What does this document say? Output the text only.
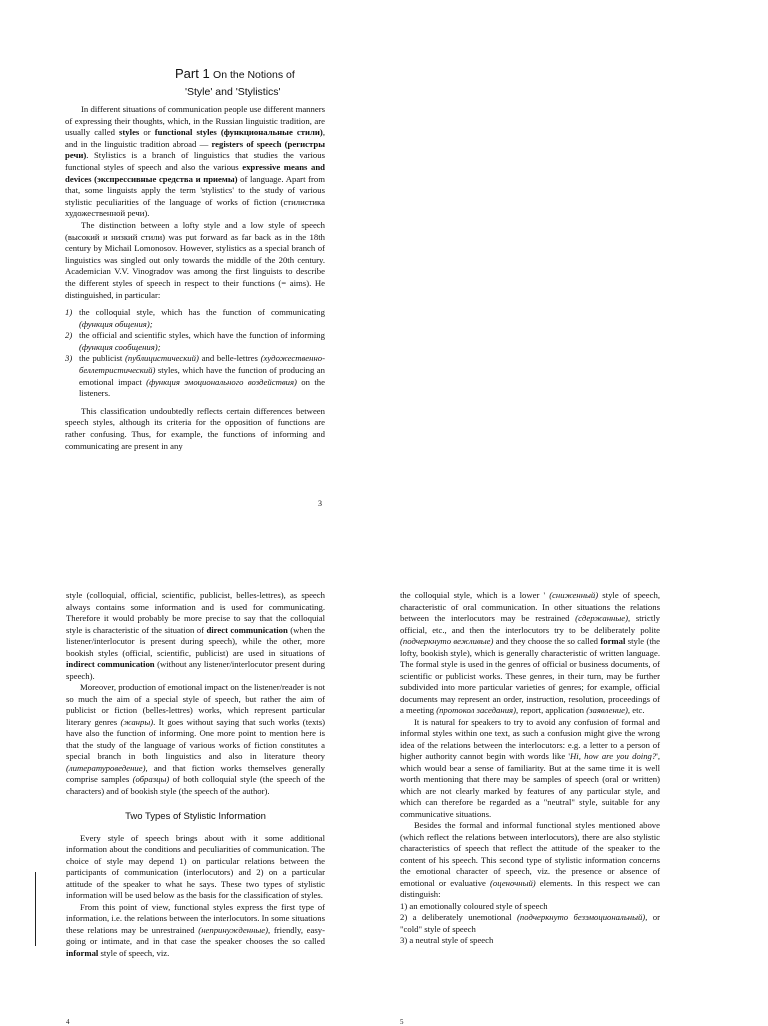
Part 1 On the Notions of
'Style' and 'Stylistics'

In different situations of communication people use different manners of expressing their thoughts, which, in the Russian linguistic tradition, are usually called styles or functional styles (функциональные стили), and in the linguistic tradition abroad — registers of speech (регистры речи). Stylistics is a branch of linguistics that studies the various functional styles of speech and also the various expressive means and devices (экспрессивные средства и приемы) of language. Apart from that, some linguists apply the term 'stylistics' to the study of various stylistic peculiarities of the language of works of fiction (стилистика художественной речи).

The distinction between a lofty style and a low style of speech (высокий и низкий стили) was put forward as far back as in the 18th century by Michail Lomonosov. However, stylistics as a special branch of linguistics was singled out only towards the middle of the 20th century. Academician V.V. Vinogradov was among the first linguists to describe the different styles of speech in respect to their functions (= aims). He distinguished, in particular:

1) the colloquial style, which has the function of communicating (функция общения);
2) the official and scientific styles, which have the function of informing (функция сообщения);
3) the publicist (публицистический) and belle-lettres (художественно-беллетристический) styles, which have the function of producing an emotional impact (функция эмоционального воздействия) on the listeners.

This classification undoubtedly reflects certain differences between speech styles, although its criteria for the opposition of functions are rather confusing. Thus, for example, the functions of informing and communicating are present in any

3

style (colloquial, official, scientific, publicist, belles-lettres), as speech always contains some information and is used for communicating. Therefore it would probably be more precise to say that the colloquial style is characteristic of the situation of direct communication (when the listener/interlocutor is present during speech), while the other, more bookish styles (official, scientific, publicist) are used in situations of indirect communication (without any listener/interlocutor present during speech).

Moreover, production of emotional impact on the listener/reader is not so much the aim of a special style of speech, but rather the aim of publicist or fiction (belles-lettres) works, which represent particular literary genres (жанры). It goes without saying that such works (texts) have also the function of informing. One more point to mention here is that the study of the language of various works of fiction constitutes a special branch in both linguistics and also in literature theory (литературоведение), and that fiction works themselves generally comprise samples (образцы) of both colloquial style (the speech of the characters) and of bookish style (the speech of the author).

Two Types of Stylistic Information

Every style of speech brings about with it some additional information about the conditions and peculiarities of communication. The choice of style may depend 1) on particular relations between the participants of communication (interlocutors) and 2) on a particular attitude of the speaker to what he says. These two types of stylistic information will be used below as the basis for the classification of styles.

From this point of view, functional styles express the first type of information, i.e. the relations between the interlocutors. In some situations these relations may be unrestrained (непринужденные), friendly, easy-going or intimate, and in that case the speaker chooses the so called informal style of speech, viz.

the colloquial style, which is a lower ' (сниженный) style of speech, characteristic of oral communication. In other situations the relations between the interlocutors may be restrained (сдержанные), strictly official, etc., and then the interlocutors try to be deliberately polite (подчеркнуто вежливые) and they choose the so called formal style (the lofty, bookish style), which is generally characteristic of written language. The formal style is used in the genres of official or business documents, of scientific or publicist works. These genres, in their turn, may be further subdivided into more particular varieties of genres; for example, official documents may represent an order, instruction, resolution, proceedings of a meeting (протокол заседания), report, application (заявление), etc.

It is natural for speakers to try to avoid any confusion of formal and informal styles within one text, as such a confusion might give the wrong idea of the relations between the interlocutors: e.g. a letter to a person of higher authority cannot begin with words like 'Hi, how are you doing?', which would bear a sense of familiarity. But at the same time it is well worth mentioning that there may be samples of speech (oral or written) which are not clearly marked by features of any particular style, and which can therefore be regarded as a "neutral" style, suitable for any communicative situations.

Besides the formal and informal functional styles mentioned above (which reflect the relations between interlocutors), there are also stylistic characteristics of speech that reflect the attitude of the speaker to the content of his speech. This second type of stylistic information concerns the emotional character of speech, viz. the presence or absence of emotional or evaluative (оценочный) elements. In this respect we can distinguish:

1) an emotionally coloured style of speech
2) a deliberately unemotional (подчеркнуто безэмоциональный), or "cold" style of speech
3) a neutral style of speech
4	5
